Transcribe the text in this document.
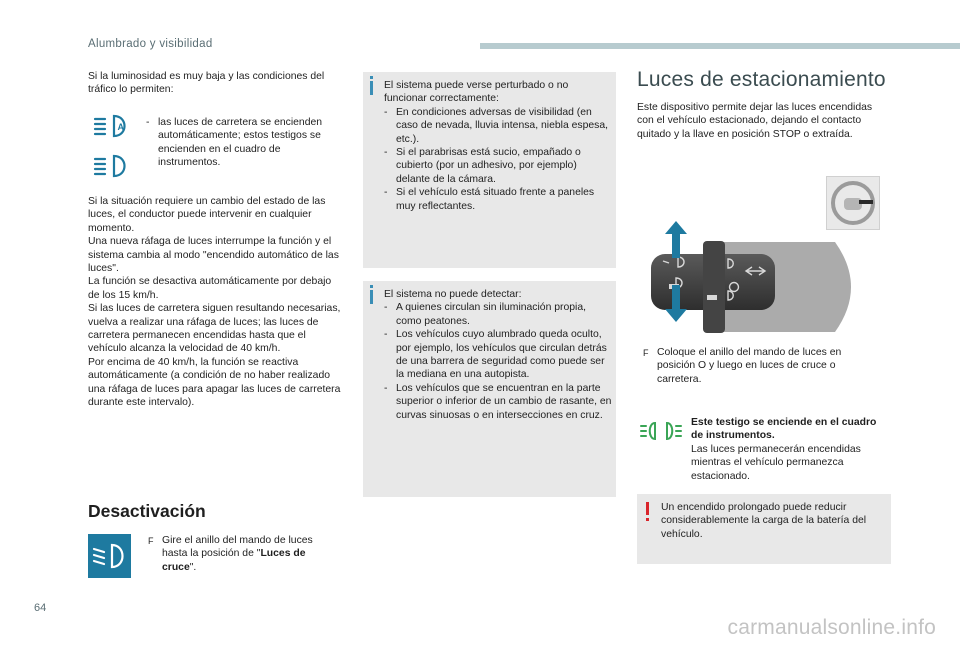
Alumbrado y visibilidad
Si la luminosidad es muy baja y las condiciones del tráfico lo permiten:
A - las luces de carretera se encienden automáticamente; estos testigos se encienden en el cuadro de instrumentos.
Si la situación requiere un cambio del estado de las luces, el conductor puede intervenir en cualquier momento.
Una nueva ráfaga de luces interrumpe la función y el sistema cambia al modo "encendido automático de las luces".
La función se desactiva automáticamente por debajo de los 15 km/h.
Si las luces de carretera siguen resultando necesarias, vuelva a realizar una ráfaga de luces; las luces de carretera permanecen encendidas hasta que el vehículo alcanza la velocidad de 40 km/h.
Por encima de 40 km/h, la función se reactiva automáticamente (a condición de no haber realizado una ráfaga de luces para apagar las luces de carretera durante este intervalo).
Desactivación
F Gire el anillo del mando de luces hasta la posición de "Luces de cruce".
El sistema puede verse perturbado o no funcionar correctamente:
- En condiciones adversas de visibilidad (en caso de nevada, lluvia intensa, niebla espesa, etc.).
- Si el parabrisas está sucio, empañado o cubierto (por un adhesivo, por ejemplo) delante de la cámara.
- Si el vehículo está situado frente a paneles muy reflectantes.
El sistema no puede detectar:
- A quienes circulan sin iluminación propia, como peatones.
- Los vehículos cuyo alumbrado queda oculto, por ejemplo, los vehículos que circulan detrás de una barrera de seguridad como puede ser la mediana en una autopista.
- Los vehículos que se encuentran en la parte superior o inferior de un cambio de rasante, en curvas sinuosas o en intersecciones en cruz.
Luces de estacionamiento
Este dispositivo permite dejar las luces encendidas con el vehículo estacionado, dejando el contacto quitado y la llave en posición STOP o extraída.
F Coloque el anillo del mando de luces en posición O y luego en luces de cruce o carretera.
Este testigo se enciende en el cuadro de instrumentos.
Las luces permanecerán encendidas mientras el vehículo permanezca estacionado.
Un encendido prolongado puede reducir considerablemente la carga de la batería del vehículo.
64
carmanualsonline.info
